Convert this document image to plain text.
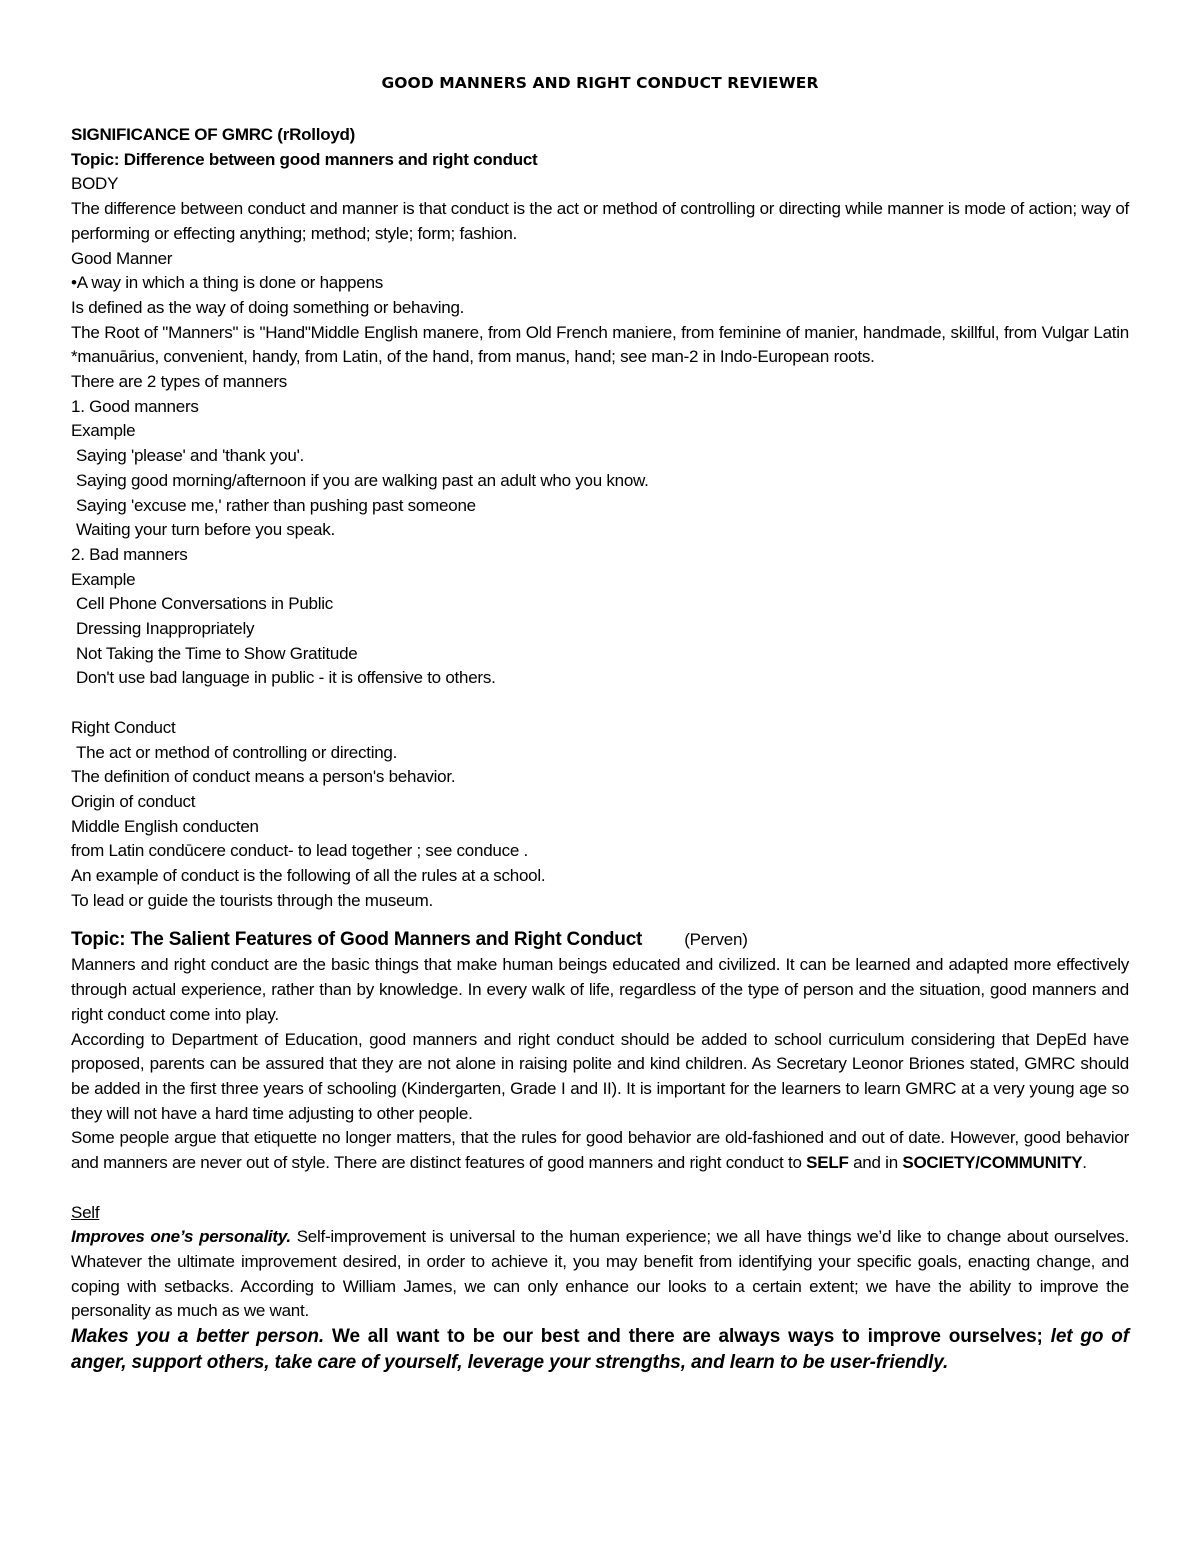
GOOD MANNERS AND RIGHT CONDUCT REVIEWER

SIGNIFICANCE OF GMRC (rRolloyd)

Topic: Difference between good manners and right conduct

BODY

The difference between conduct and manner is that conduct is the act or method of controlling or directing while manner is mode of action; way of performing or effecting anything; method; style; form; fashion.

Good Manner

•A way in which a thing is done or happens

Is defined as the way of doing something or behaving.

The Root of "Manners" is "Hand"Middle English manere, from Old French maniere, from feminine of manier, handmade, skillful, from Vulgar Latin *manuārius, convenient, handy, from Latin, of the hand, from manus, hand; see man-2 in Indo-European roots.

There are 2 types of manners

1. Good manners

Example

Saying 'please' and 'thank you'.

Saying good morning/afternoon if you are walking past an adult who you know.

Saying 'excuse me,' rather than pushing past someone

Waiting your turn before you speak.

2. Bad manners

Example

Cell Phone Conversations in Public

Dressing Inappropriately

Not Taking the Time to Show Gratitude

Don't use bad language in public - it is offensive to others.

Right Conduct

The act or method of controlling or directing.

The definition of conduct means a person's behavior.

Origin of conduct

Middle English conducten

from Latin condūcere conduct- to lead together ; see conduce .

An example of conduct is the following of all the rules at a school.

To lead or guide the tourists through the museum.

Topic: The Salient Features of Good Manners and Right Conduct (Perven)

Manners and right conduct are the basic things that make human beings educated and civilized. It can be learned and adapted more effectively through actual experience, rather than by knowledge. In every walk of life, regardless of the type of person and the situation, good manners and right conduct come into play.

According to Department of Education, good manners and right conduct should be added to school curriculum considering that DepEd have proposed, parents can be assured that they are not alone in raising polite and kind children. As Secretary Leonor Briones stated, GMRC should be added in the first three years of schooling (Kindergarten, Grade I and II). It is important for the learners to learn GMRC at a very young age so they will not have a hard time adjusting to other people.

Some people argue that etiquette no longer matters, that the rules for good behavior are old-fashioned and out of date. However, good behavior and manners are never out of style. There are distinct features of good manners and right conduct to SELF and in SOCIETY/COMMUNITY.

Self

Improves one’s personality. Self-improvement is universal to the human experience; we all have things we’d like to change about ourselves. Whatever the ultimate improvement desired, in order to achieve it, you may benefit from identifying your specific goals, enacting change, and coping with setbacks. According to William James, we can only enhance our looks to a certain extent; we have the ability to improve the personality as much as we want.

Makes you a better person. We all want to be our best and there are always ways to improve ourselves; let go of anger, support others, take care of yourself, leverage your strengths, and learn to be user-friendly.
